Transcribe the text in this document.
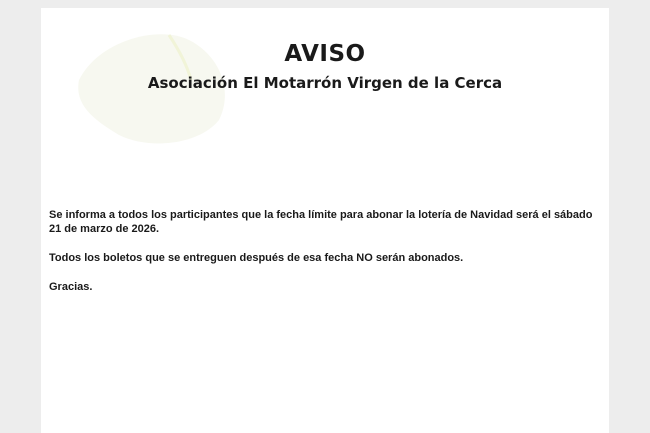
AVISO
Asociación El Motarrón Virgen de la Cerca

Se informa a todos los participantes que la fecha límite para abonar la lotería de Navidad será el sábado 21 de marzo de 2026.

Todos los boletos que se entreguen después de esa fecha NO serán abonados.

Gracias.
